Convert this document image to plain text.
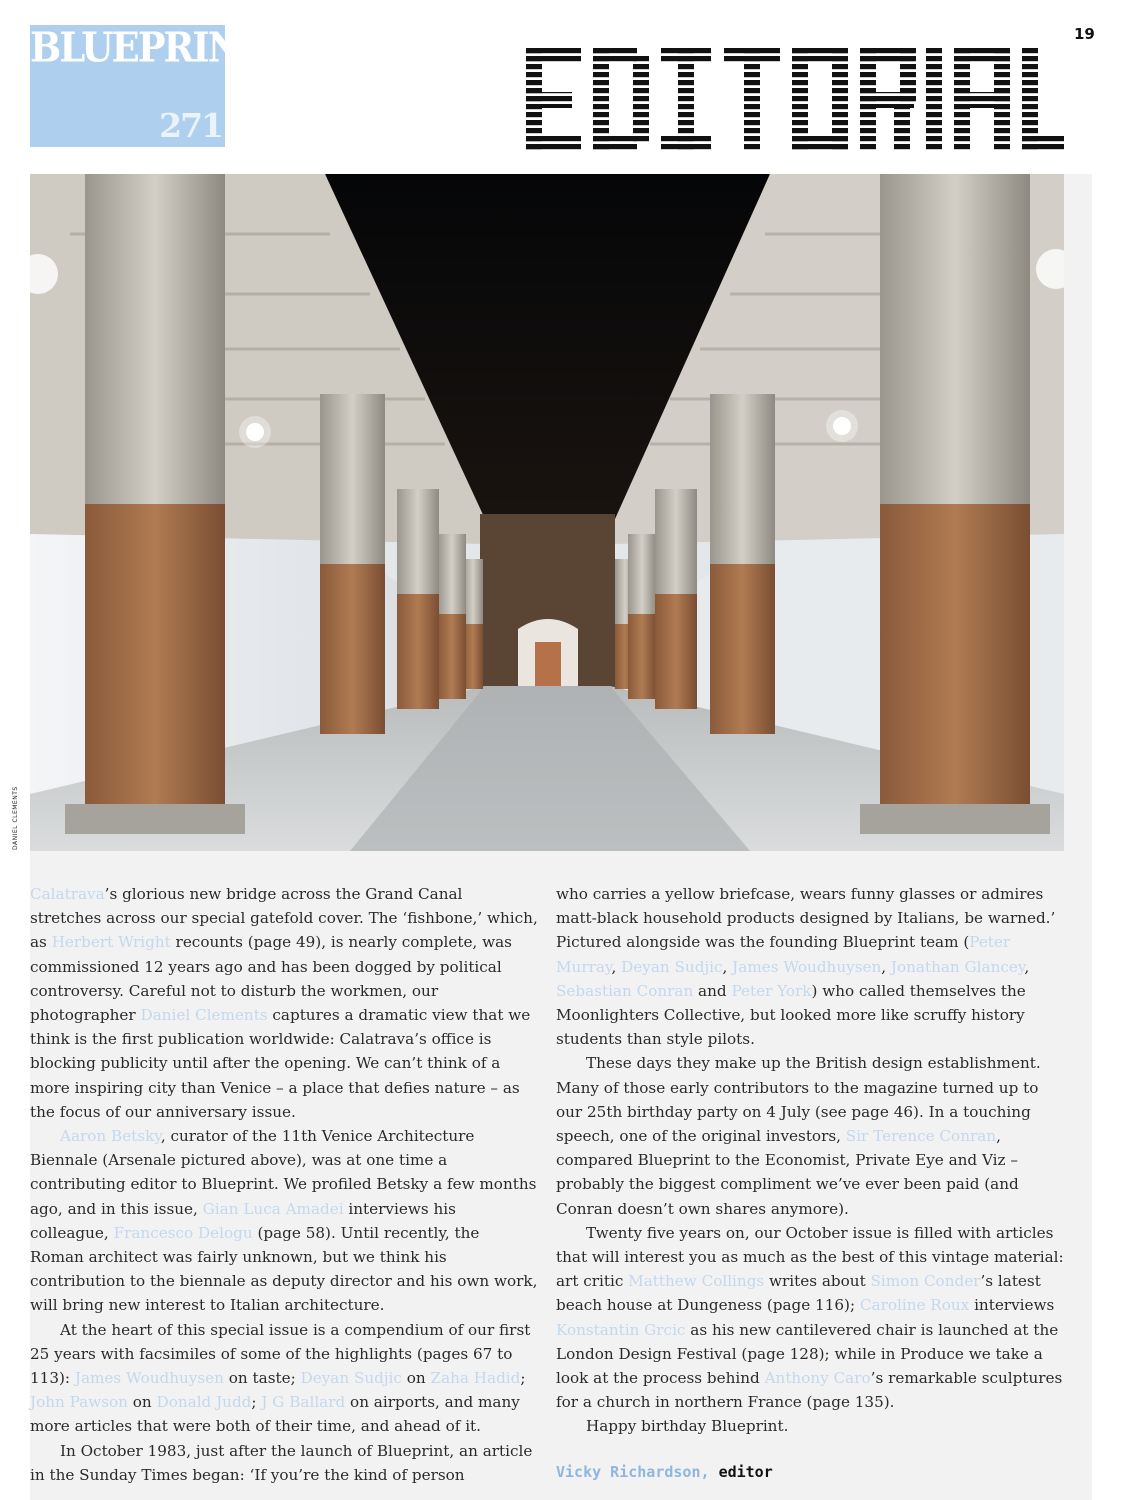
BLUEPRINT
271
19
DANIEL CLEMENTS

Calatrava’s glorious new bridge across the Grand Canal stretches across our special gatefold cover. The ‘fishbone,’ which, as Herbert Wright recounts (page 49), is nearly complete, was commissioned 12 years ago and has been dogged by political controversy. Careful not to disturb the workmen, our photographer Daniel Clements captures a dramatic view that we think is the first publication worldwide: Calatrava’s office is blocking publicity until after the opening. We can’t think of a more inspiring city than Venice – a place that defies nature – as the focus of our anniversary issue.

Aaron Betsky, curator of the 11th Venice Architecture Biennale (Arsenale pictured above), was at one time a contributing editor to Blueprint. We profiled Betsky a few months ago, and in this issue, Gian Luca Amadei interviews his colleague, Francesco Delogu (page 58). Until recently, the Roman architect was fairly unknown, but we think his contribution to the biennale as deputy director and his own work, will bring new interest to Italian architecture.

At the heart of this special issue is a compendium of our first 25 years with facsimiles of some of the highlights (pages 67 to 113): James Woudhuysen on taste; Deyan Sudjic on Zaha Hadid; John Pawson on Donald Judd; J G Ballard on airports, and many more articles that were both of their time, and ahead of it.

In October 1983, just after the launch of Blueprint, an article in the Sunday Times began: ‘If you’re the kind of person

who carries a yellow briefcase, wears funny glasses or admires matt-black household products designed by Italians, be warned.’ Pictured alongside was the founding Blueprint team (Peter Murray, Deyan Sudjic, James Woudhuysen, Jonathan Glancey, Sebastian Conran and Peter York) who called themselves the Moonlighters Collective, but looked more like scruffy history students than style pilots.

These days they make up the British design establishment. Many of those early contributors to the magazine turned up to our 25th birthday party on 4 July (see page 46). In a touching speech, one of the original investors, Sir Terence Conran, compared Blueprint to the Economist, Private Eye and Viz – probably the biggest compliment we’ve ever been paid (and Conran doesn’t own shares anymore).

Twenty five years on, our October issue is filled with articles that will interest you as much as the best of this vintage material: art critic Matthew Collings writes about Simon Conder’s latest beach house at Dungeness (page 116); Caroline Roux interviews Konstantin Grcic as his new cantilevered chair is launched at the London Design Festival (page 128); while in Produce we take a look at the process behind Anthony Caro’s remarkable sculptures for a church in northern France (page 135).

Happy birthday Blueprint.

Vicky Richardson, editor
